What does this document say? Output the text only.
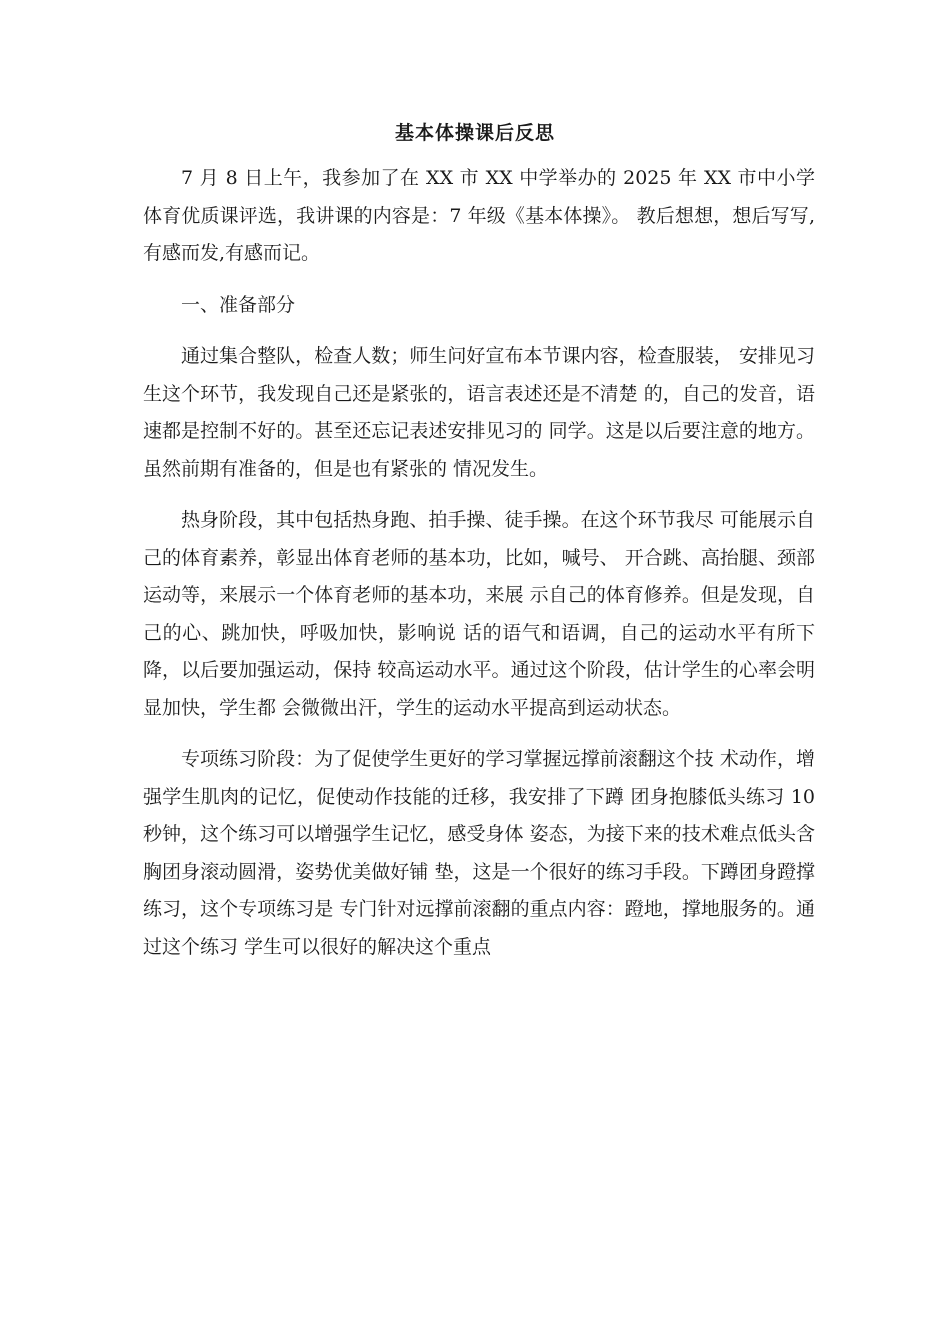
基本体操课后反思

7 月 8 日上午，我参加了在 XX 市 XX 中学举办的 2025 年 XX 市中小学体育优质课评选，我讲课的内容是：7 年级《基本体操》。 教后想想，想后写写,有感而发,有感而记。

一、准备部分

通过集合整队，检查人数；师生问好宣布本节课内容，检查服装， 安排见习生这个环节，我发现自己还是紧张的，语言表述还是不清楚 的，自己的发音，语速都是控制不好的。甚至还忘记表述安排见习的 同学。这是以后要注意的地方。虽然前期有准备的，但是也有紧张的 情况发生。

热身阶段，其中包括热身跑、拍手操、徒手操。在这个环节我尽 可能展示自己的体育素养，彰显出体育老师的基本功，比如，喊号、 开合跳、高抬腿、颈部运动等，来展示一个体育老师的基本功，来展 示自己的体育修养。但是发现，自己的心、跳加快，呼吸加快，影响说 话的语气和语调，自己的运动水平有所下降，以后要加强运动，保持 较高运动水平。通过这个阶段，估计学生的心率会明显加快，学生都 会微微出汗，学生的运动水平提高到运动状态。

专项练习阶段：为了促使学生更好的学习掌握远撑前滚翻这个技 术动作，增强学生肌肉的记忆，促使动作技能的迁移，我安排了下蹲 团身抱膝低头练习 10 秒钟，这个练习可以增强学生记忆，感受身体 姿态，为接下来的技术难点低头含胸团身滚动圆滑，姿势优美做好铺 垫，这是一个很好的练习手段。下蹲团身蹬撑练习，这个专项练习是 专门针对远撑前滚翻的重点内容：蹬地，撑地服务的。通过这个练习 学生可以很好的解决这个重点
